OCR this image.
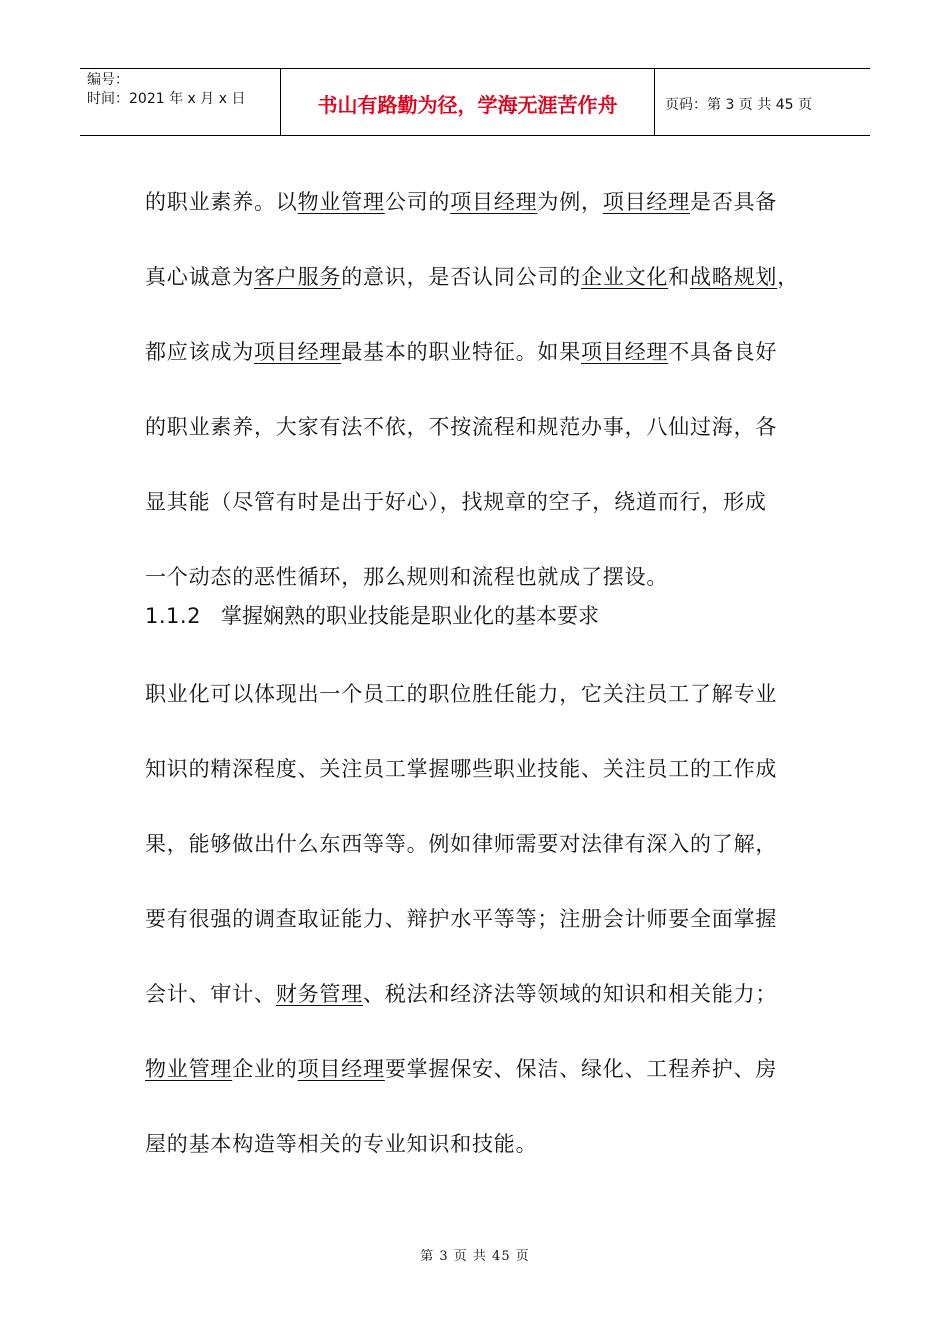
编号：
时间：2021 年 x 月 x 日	书山有路勤为径，学海无涯苦作舟	页码：第 3 页 共 45 页
的职业素养。以物业管理公司的项目经理为例，项目经理是否具备
真心诚意为客户服务的意识，是否认同公司的企业文化和战略规划，
都应该成为项目经理最基本的职业特征。如果项目经理不具备良好
的职业素养，大家有法不依，不按流程和规范办事，八仙过海，各
显其能（尽管有时是出于好心），找规章的空子，绕道而行，形成
一个动态的恶性循环，那么规则和流程也就成了摆设。
1.1.2 掌握娴熟的职业技能是职业化的基本要求
职业化可以体现出一个员工的职位胜任能力，它关注员工了解专业
知识的精深程度、关注员工掌握哪些职业技能、关注员工的工作成
果，能够做出什么东西等等。例如律师需要对法律有深入的了解，
要有很强的调查取证能力、辩护水平等等；注册会计师要全面掌握
会计、审计、财务管理、税法和经济法等领域的知识和相关能力；
物业管理企业的项目经理要掌握保安、保洁、绿化、工程养护、房
屋的基本构造等相关的专业知识和技能。
第 3 页 共 45 页
